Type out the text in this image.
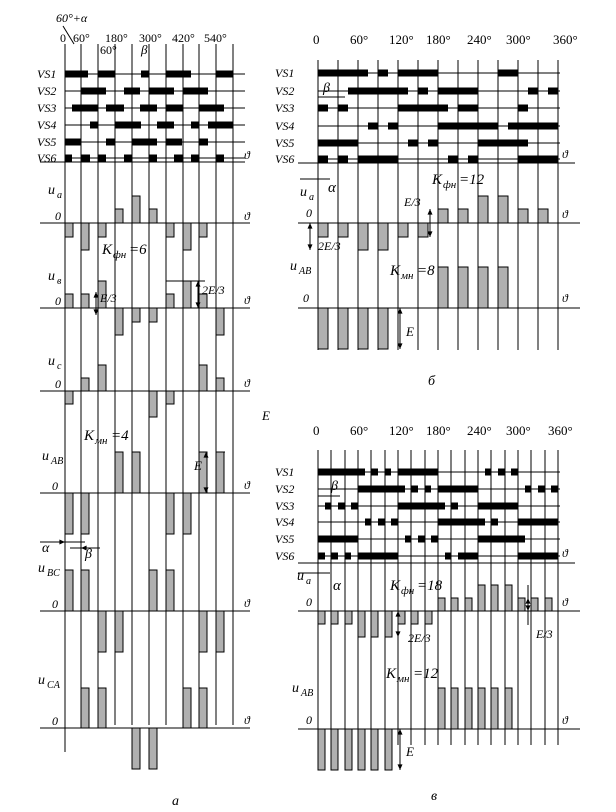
60°+α
0 60° 180° 300° 420° 540°
60° β
VS1
VS2
VS3
VS4
VS5
VS6	ϑ
u a
0	ϑ
K фн =6
u в
0	ϑ
E/3
2E/3
u c
0	ϑ
E
K мн =4
u AB
0	ϑ
E
α	β
u BC
0	ϑ
u CA
0	ϑ
а
0 60° 120° 180° 240° 300° 360°
VS1
VS2
VS3
VS4
VS5
VS6	ϑ
β
u a
α
0	ϑ
K фн =12
E/3
2E/3
u AB	K мн =8
0	ϑ
E
б
0 60° 120° 180° 240° 300° 360°
VS1
VS2
VS3
VS4
VS5
VS6	ϑ
β
u a α
0	ϑ
K фн =18
E/3
2E/3
K мн =12
u AB
0	ϑ
E
в
